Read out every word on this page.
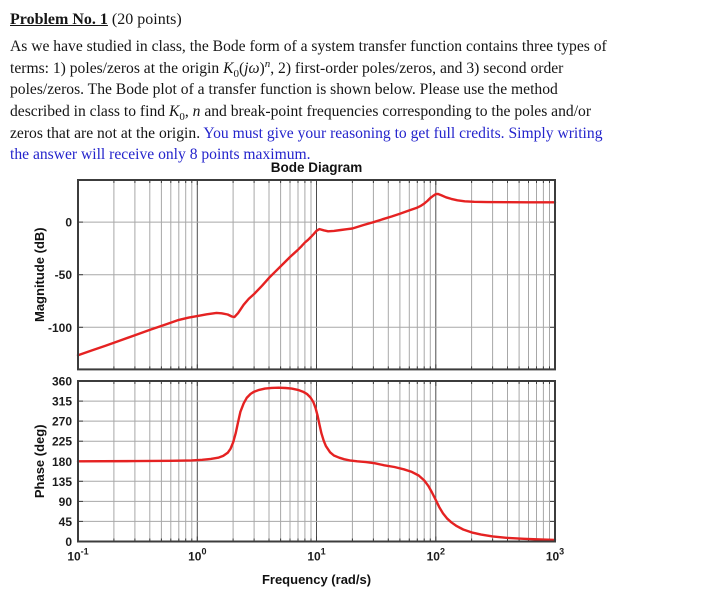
Problem No. 1 (20 points)
As we have studied in class, the Bode form of a system transfer function contains three types of
terms: 1) poles/zeros at the origin $K_0(j\omega)^n$, 2) first-order poles/zeros, and 3) second order
poles/zeros. The Bode plot of a transfer function is shown below. Please use the method
described in class to find $K_0$, n and break-point frequencies corresponding to the poles and/or
zeros that are not at the origin. You must give your reasoning to get full credits. Simply writing
the answer will receive only 8 points maximum.
Bode Diagram
0
-50
-100
360
315
270
225
180
135
90
45
0
Magnitude (dB)
Phase (deg)
$10^{-1}$	$10^0$	$10^1$	$10^2$	$10^3$
Frequency (rad/s)
